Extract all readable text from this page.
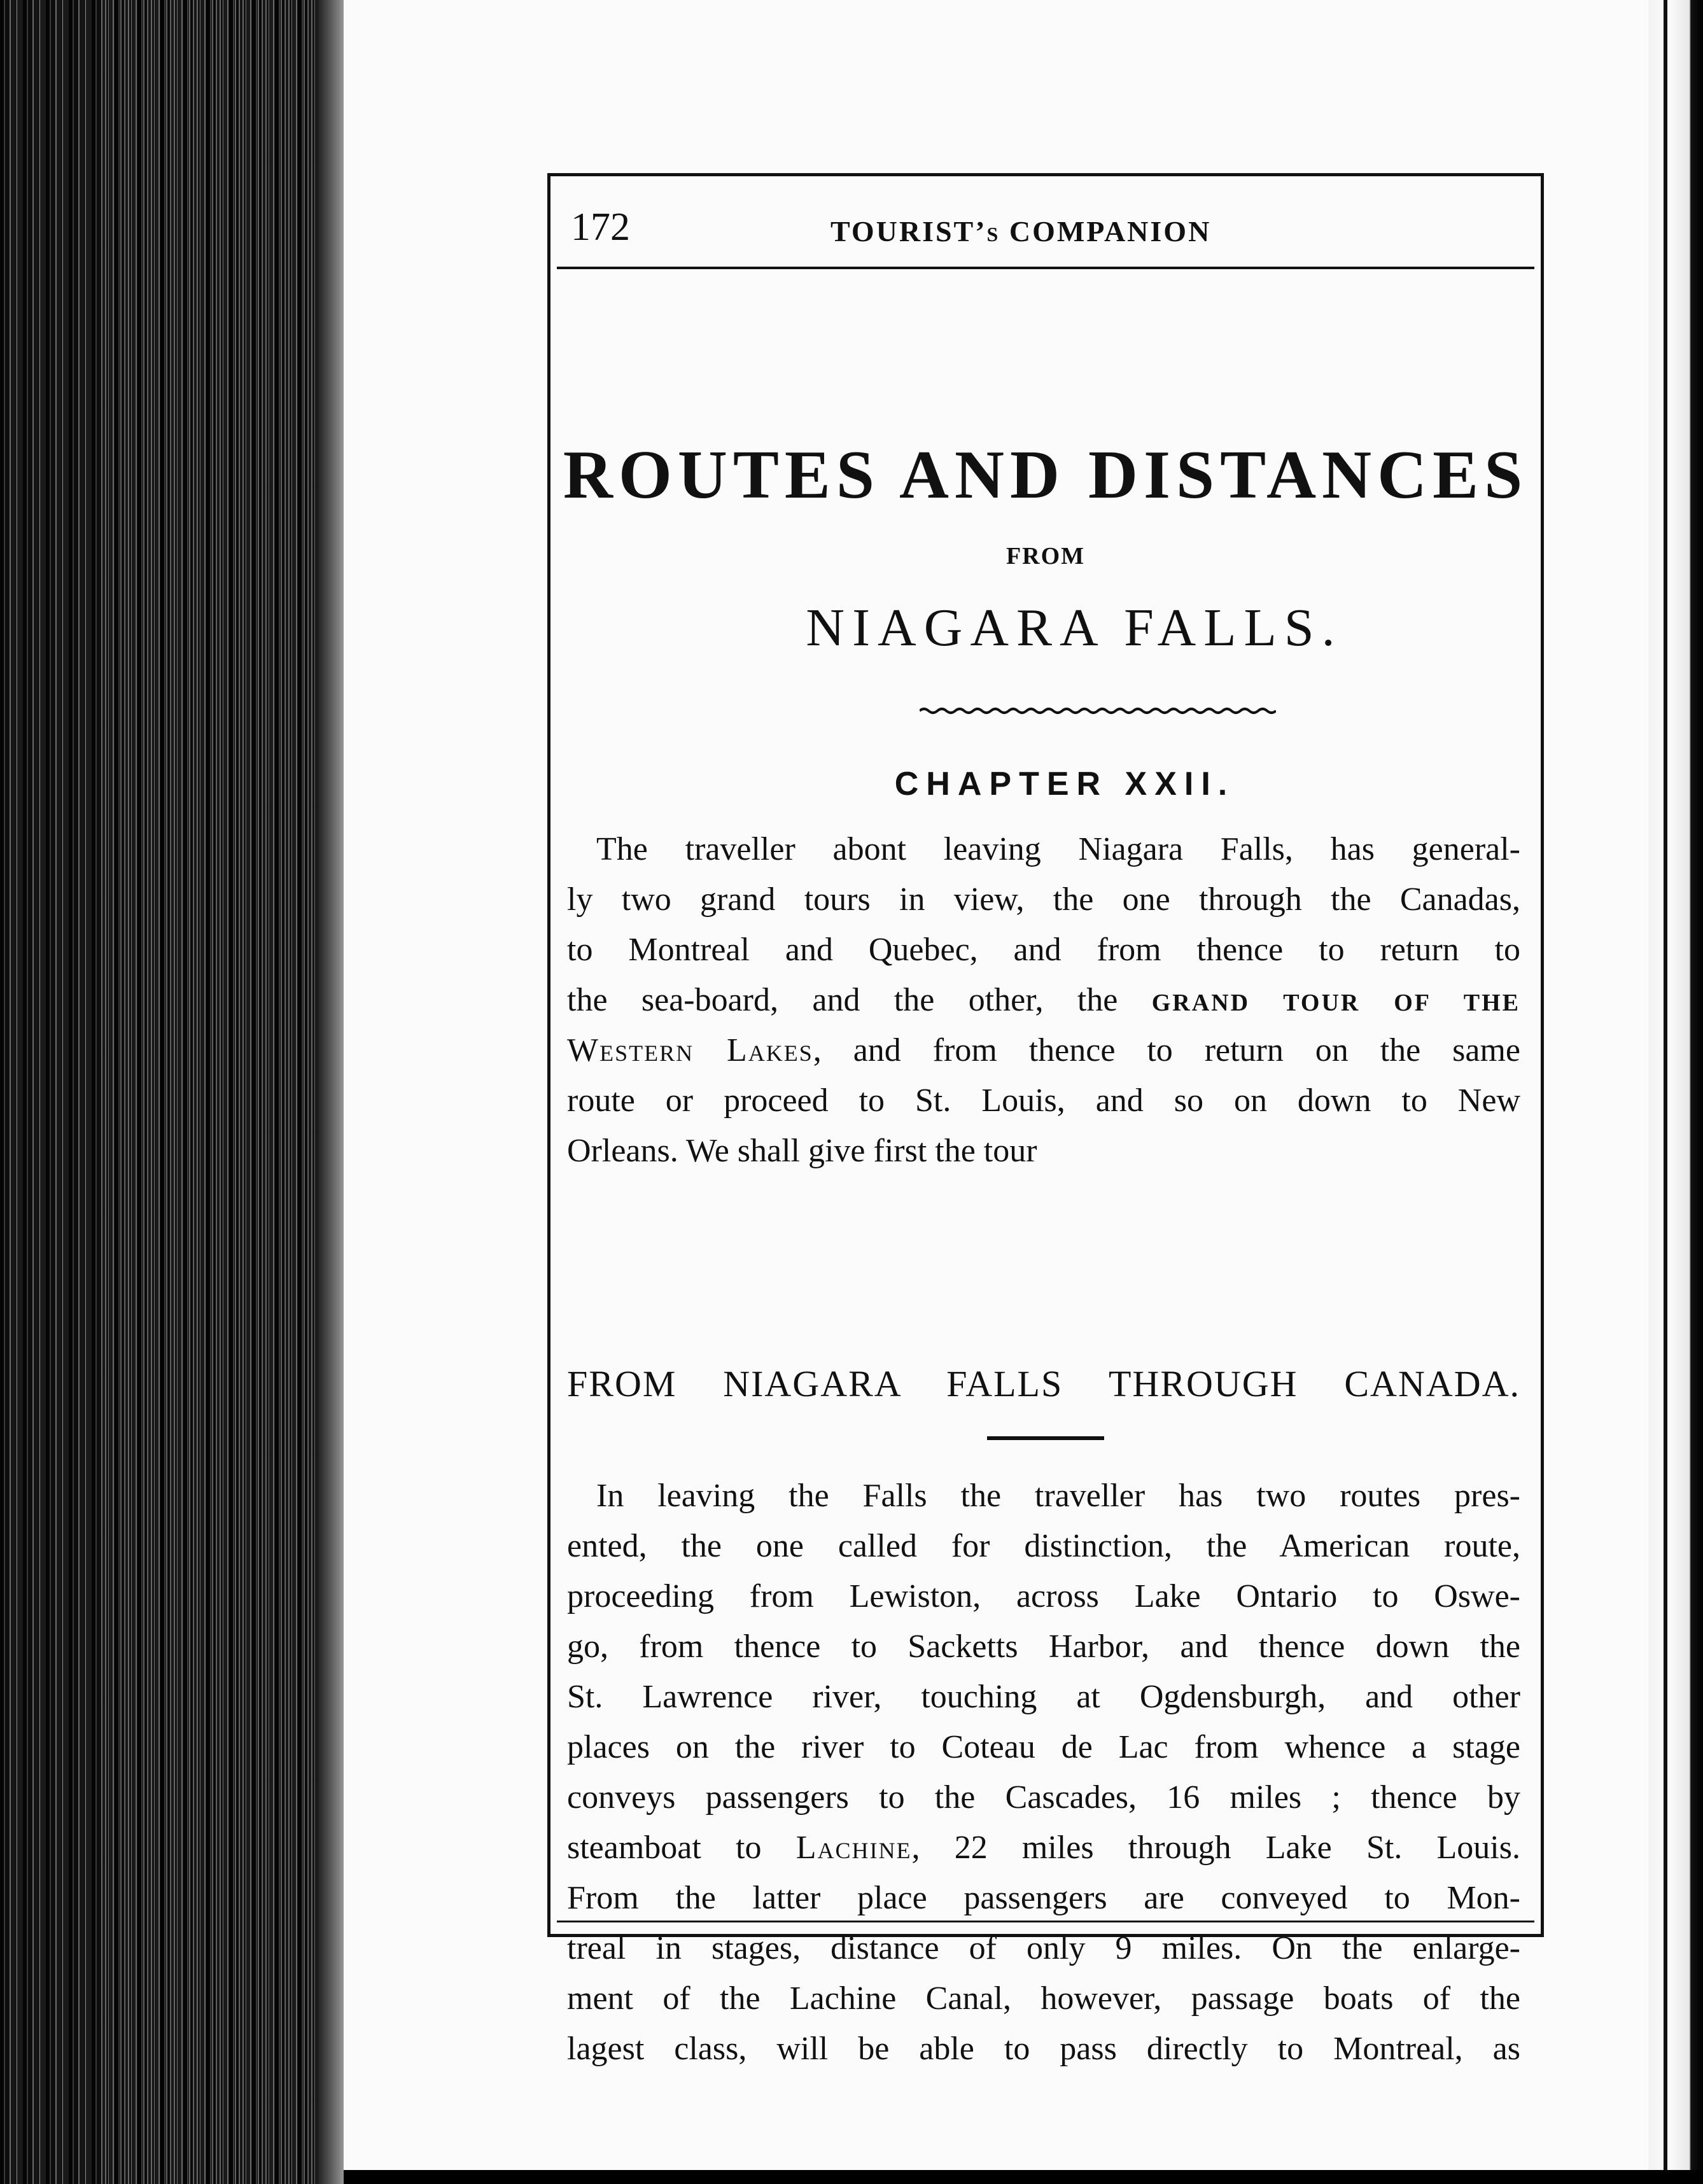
172	TOURIST’s COMPANION
ROUTES AND DISTANCES
FROM
NIAGARA FALLS.
CHAPTER XXII.
The traveller abont leaving Niagara Falls, has general-
ly two grand tours in view, the one through the Canadas,
to Montreal and Quebec, and from thence to return to
the sea-board, and the other, the GRAND TOUR OF THE
Western Lakes, and from thence to return on the same
route or proceed to St. Louis, and so on down to New
Orleans. We shall give first the tour
FROM NIAGARA FALLS THROUGH CANADA.
In leaving the Falls the traveller has two routes pres-
ented, the one called for distinction, the American route,
proceeding from Lewiston, across Lake Ontario to Oswe-
go, from thence to Sacketts Harbor, and thence down the
St. Lawrence river, touching at Ogdensburgh, and other
places on the river to Coteau de Lac from whence a stage
conveys passengers to the Cascades, 16 miles ; thence by
steamboat to Lachine, 22 miles through Lake St. Louis.
From the latter place passengers are conveyed to Mon-
treal in stages, distance of only 9 miles. On the enlarge-
ment of the Lachine Canal, however, passage boats of the
lagest class, will be able to pass directly to Montreal, as
